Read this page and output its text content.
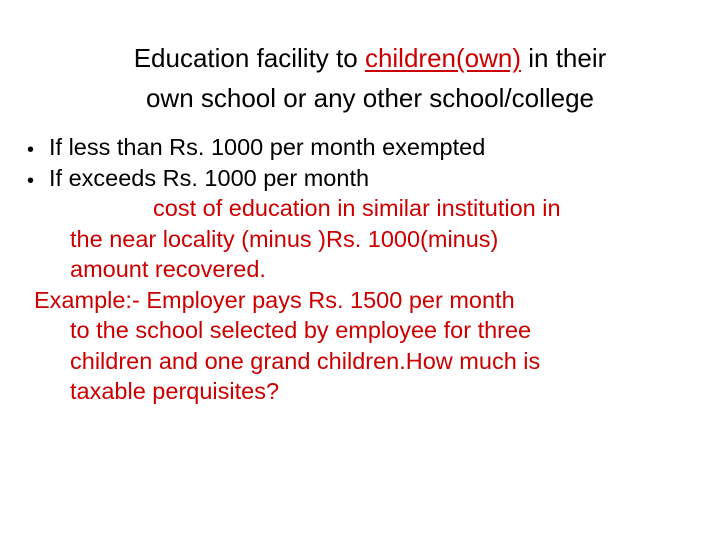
Education facility to children(own) in their
own school or any other school/college
• If less than Rs. 1000 per month exempted
• If exceeds Rs. 1000 per month
cost of education in similar institution in
the near locality (minus )Rs. 1000(minus)
amount recovered.
Example:- Employer pays Rs. 1500 per month
to the school selected by employee for three
children and one grand children.How much is
taxable perquisites?
